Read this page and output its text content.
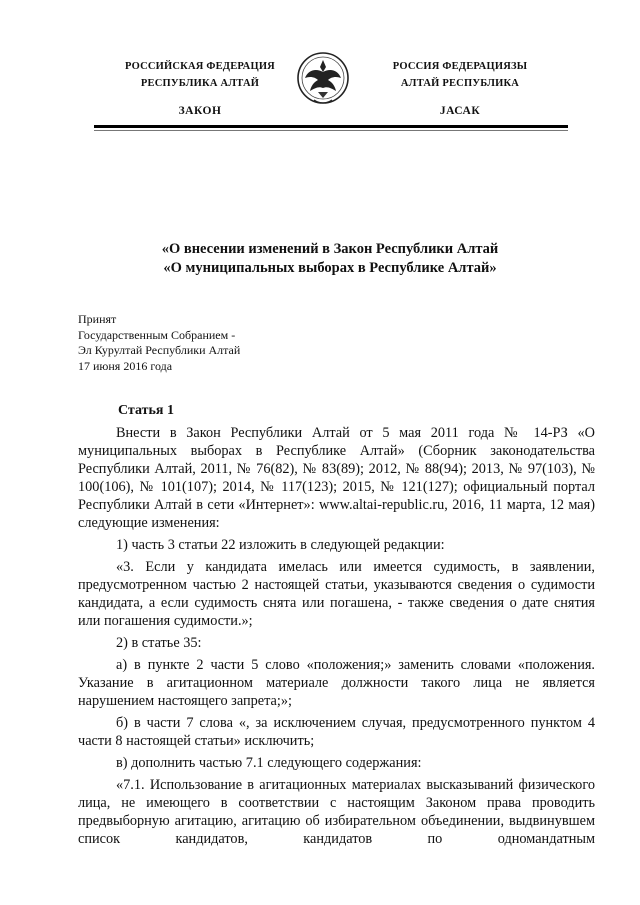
РОССИЙСКАЯ ФЕДЕРАЦИЯ
РЕСПУБЛИКА АЛТАЙ
ЗАКОН
РОССИЯ ФЕДЕРАЦИЯЗЫ
АЛТАЙ РЕСПУБЛИКА
JАСАК
«О внесении изменений в Закон Республики Алтай
«О муниципальных выборах в Республике Алтай»
Принят
Государственным Собранием -
Эл Курултай Республики Алтай
17 июня 2016 года
Статья 1

Внести в Закон Республики Алтай от 5 мая 2011 года № 14-РЗ «О муниципальных выборах в Республике Алтай» (Сборник законодательства Республики Алтай, 2011, № 76(82), № 83(89); 2012, № 88(94); 2013, № 97(103), № 100(106), № 101(107); 2014, № 117(123); 2015, № 121(127); официальный портал Республики Алтай в сети «Интернет»: www.altai-republic.ru, 2016, 11 марта, 12 мая) следующие изменения:

1) часть 3 статьи 22 изложить в следующей редакции:

«3. Если у кандидата имелась или имеется судимость, в заявлении, предусмотренном частью 2 настоящей статьи, указываются сведения о судимости кандидата, а если судимость снята или погашена, - также сведения о дате снятия или погашения судимости.»;

2) в статье 35:

а) в пункте 2 части 5 слово «положения;» заменить словами «положения. Указание в агитационном материале должности такого лица не является нарушением настоящего запрета;»;

б) в части 7 слова «, за исключением случая, предусмотренного пунктом 4 части 8 настоящей статьи» исключить;

в) дополнить частью 7.1 следующего содержания:

«7.1. Использование в агитационных материалах высказываний физического лица, не имеющего в соответствии с настоящим Законом права проводить предвыборную агитацию, агитацию об избирательном объединении, выдвинувшем список кандидатов, кандидатов по одномандатным
